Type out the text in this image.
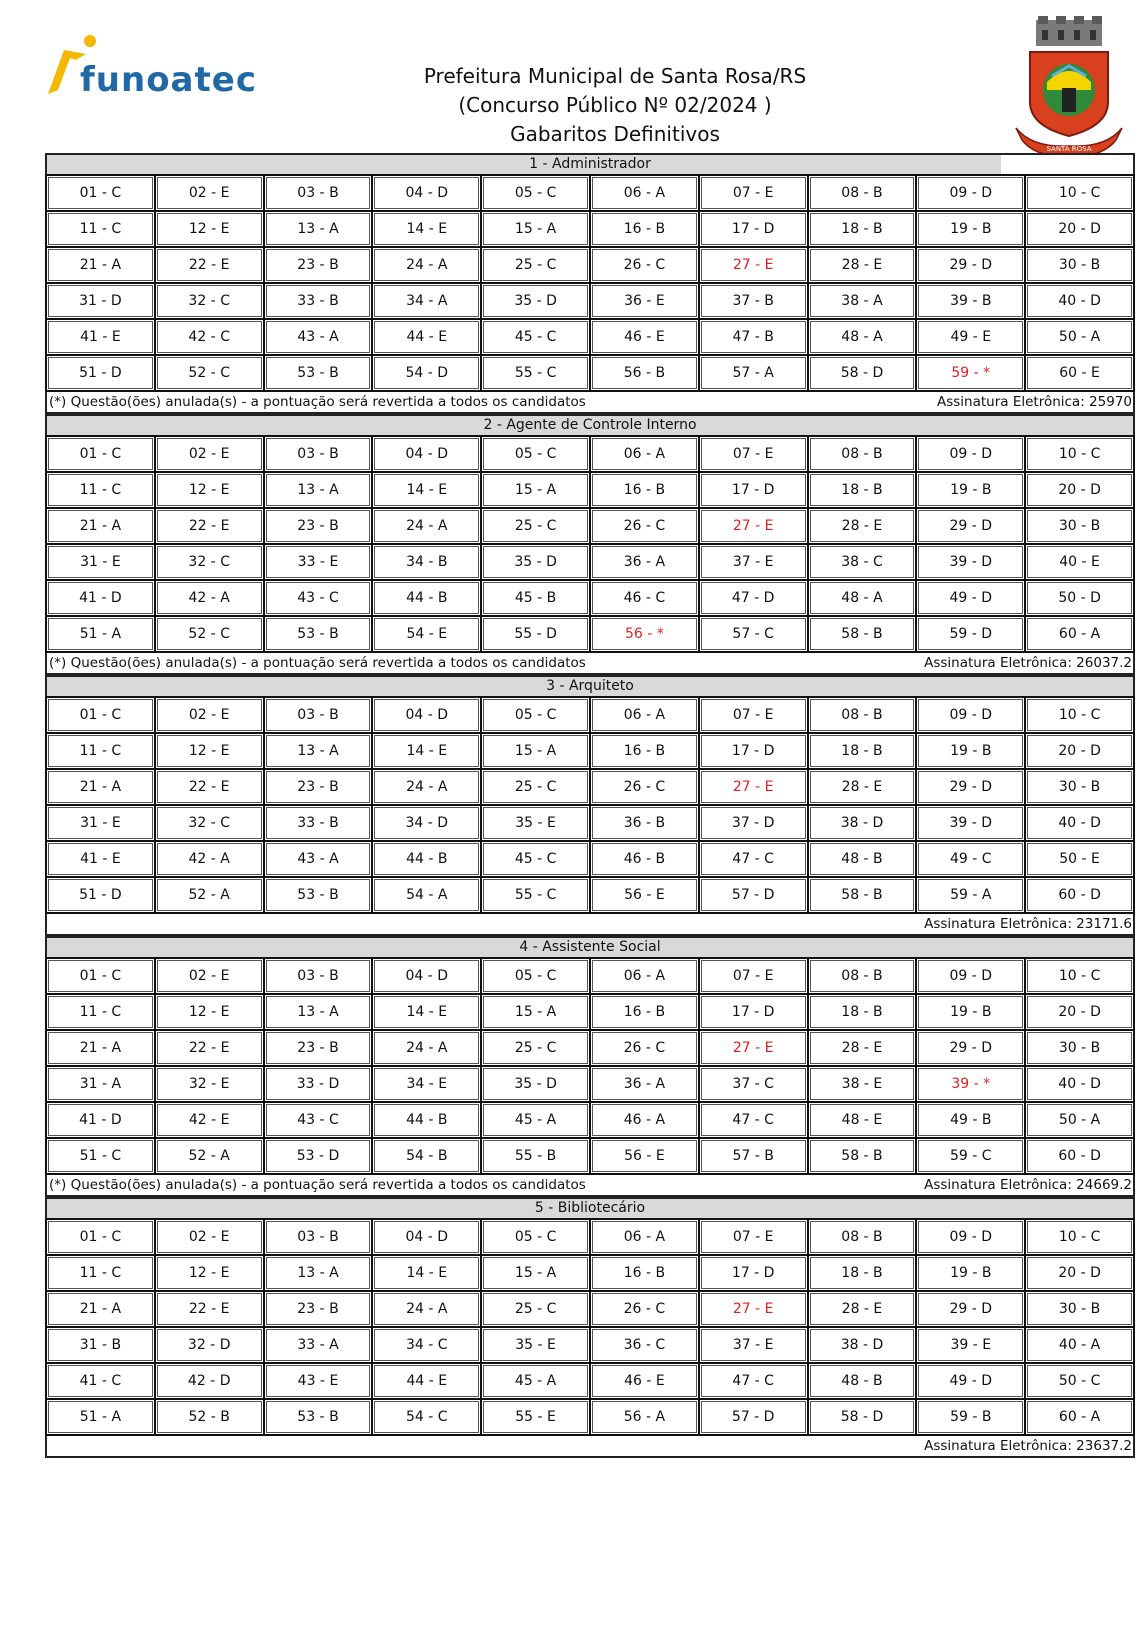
funoatec	Prefeitura Municipal de Santa Rosa/RS
(Concurso Público Nº 02/2024 )
Gabaritos Definitivos
SANTA ROSA
1 - Administrador
01 - C	02 - E	03 - B	04 - D	05 - C	06 - A	07 - E	08 - B	09 - D	10 - C
11 - C	12 - E	13 - A	14 - E	15 - A	16 - B	17 - D	18 - B	19 - B	20 - D
21 - A	22 - E	23 - B	24 - A	25 - C	26 - C	27 - E	28 - E	29 - D	30 - B
31 - D	32 - C	33 - B	34 - A	35 - D	36 - E	37 - B	38 - A	39 - B	40 - D
41 - E	42 - C	43 - A	44 - E	45 - C	46 - E	47 - B	48 - A	49 - E	50 - A
51 - D	52 - C	53 - B	54 - D	55 - C	56 - B	57 - A	58 - D	59 - *	60 - E
(*) Questão(ões) anulada(s) - a pontuação será revertida a todos os candidatos	Assinatura Eletrônica: 25970
2 - Agente de Controle Interno
01 - C	02 - E	03 - B	04 - D	05 - C	06 - A	07 - E	08 - B	09 - D	10 - C
11 - C	12 - E	13 - A	14 - E	15 - A	16 - B	17 - D	18 - B	19 - B	20 - D
21 - A	22 - E	23 - B	24 - A	25 - C	26 - C	27 - E	28 - E	29 - D	30 - B
31 - E	32 - C	33 - E	34 - B	35 - D	36 - A	37 - E	38 - C	39 - D	40 - E
41 - D	42 - A	43 - C	44 - B	45 - B	46 - C	47 - D	48 - A	49 - D	50 - D
51 - A	52 - C	53 - B	54 - E	55 - D	56 - *	57 - C	58 - B	59 - D	60 - A
(*) Questão(ões) anulada(s) - a pontuação será revertida a todos os candidatos	Assinatura Eletrônica: 26037.2
3 - Arquiteto
01 - C	02 - E	03 - B	04 - D	05 - C	06 - A	07 - E	08 - B	09 - D	10 - C
11 - C	12 - E	13 - A	14 - E	15 - A	16 - B	17 - D	18 - B	19 - B	20 - D
21 - A	22 - E	23 - B	24 - A	25 - C	26 - C	27 - E	28 - E	29 - D	30 - B
31 - E	32 - C	33 - B	34 - D	35 - E	36 - B	37 - D	38 - D	39 - D	40 - D
41 - E	42 - A	43 - A	44 - B	45 - C	46 - B	47 - C	48 - B	49 - C	50 - E
51 - D	52 - A	53 - B	54 - A	55 - C	56 - E	57 - D	58 - B	59 - A	60 - D
Assinatura Eletrônica: 23171.6
4 - Assistente Social
01 - C	02 - E	03 - B	04 - D	05 - C	06 - A	07 - E	08 - B	09 - D	10 - C
11 - C	12 - E	13 - A	14 - E	15 - A	16 - B	17 - D	18 - B	19 - B	20 - D
21 - A	22 - E	23 - B	24 - A	25 - C	26 - C	27 - E	28 - E	29 - D	30 - B
31 - A	32 - E	33 - D	34 - E	35 - D	36 - A	37 - C	38 - E	39 - *	40 - D
41 - D	42 - E	43 - C	44 - B	45 - A	46 - A	47 - C	48 - E	49 - B	50 - A
51 - C	52 - A	53 - D	54 - B	55 - B	56 - E	57 - B	58 - B	59 - C	60 - D
(*) Questão(ões) anulada(s) - a pontuação será revertida a todos os candidatos	Assinatura Eletrônica: 24669.2
5 - Bibliotecário
01 - C	02 - E	03 - B	04 - D	05 - C	06 - A	07 - E	08 - B	09 - D	10 - C
11 - C	12 - E	13 - A	14 - E	15 - A	16 - B	17 - D	18 - B	19 - B	20 - D
21 - A	22 - E	23 - B	24 - A	25 - C	26 - C	27 - E	28 - E	29 - D	30 - B
31 - B	32 - D	33 - A	34 - C	35 - E	36 - C	37 - E	38 - D	39 - E	40 - A
41 - C	42 - D	43 - E	44 - E	45 - A	46 - E	47 - C	48 - B	49 - D	50 - C
51 - A	52 - B	53 - B	54 - C	55 - E	56 - A	57 - D	58 - D	59 - B	60 - A
Assinatura Eletrônica: 23637.2
